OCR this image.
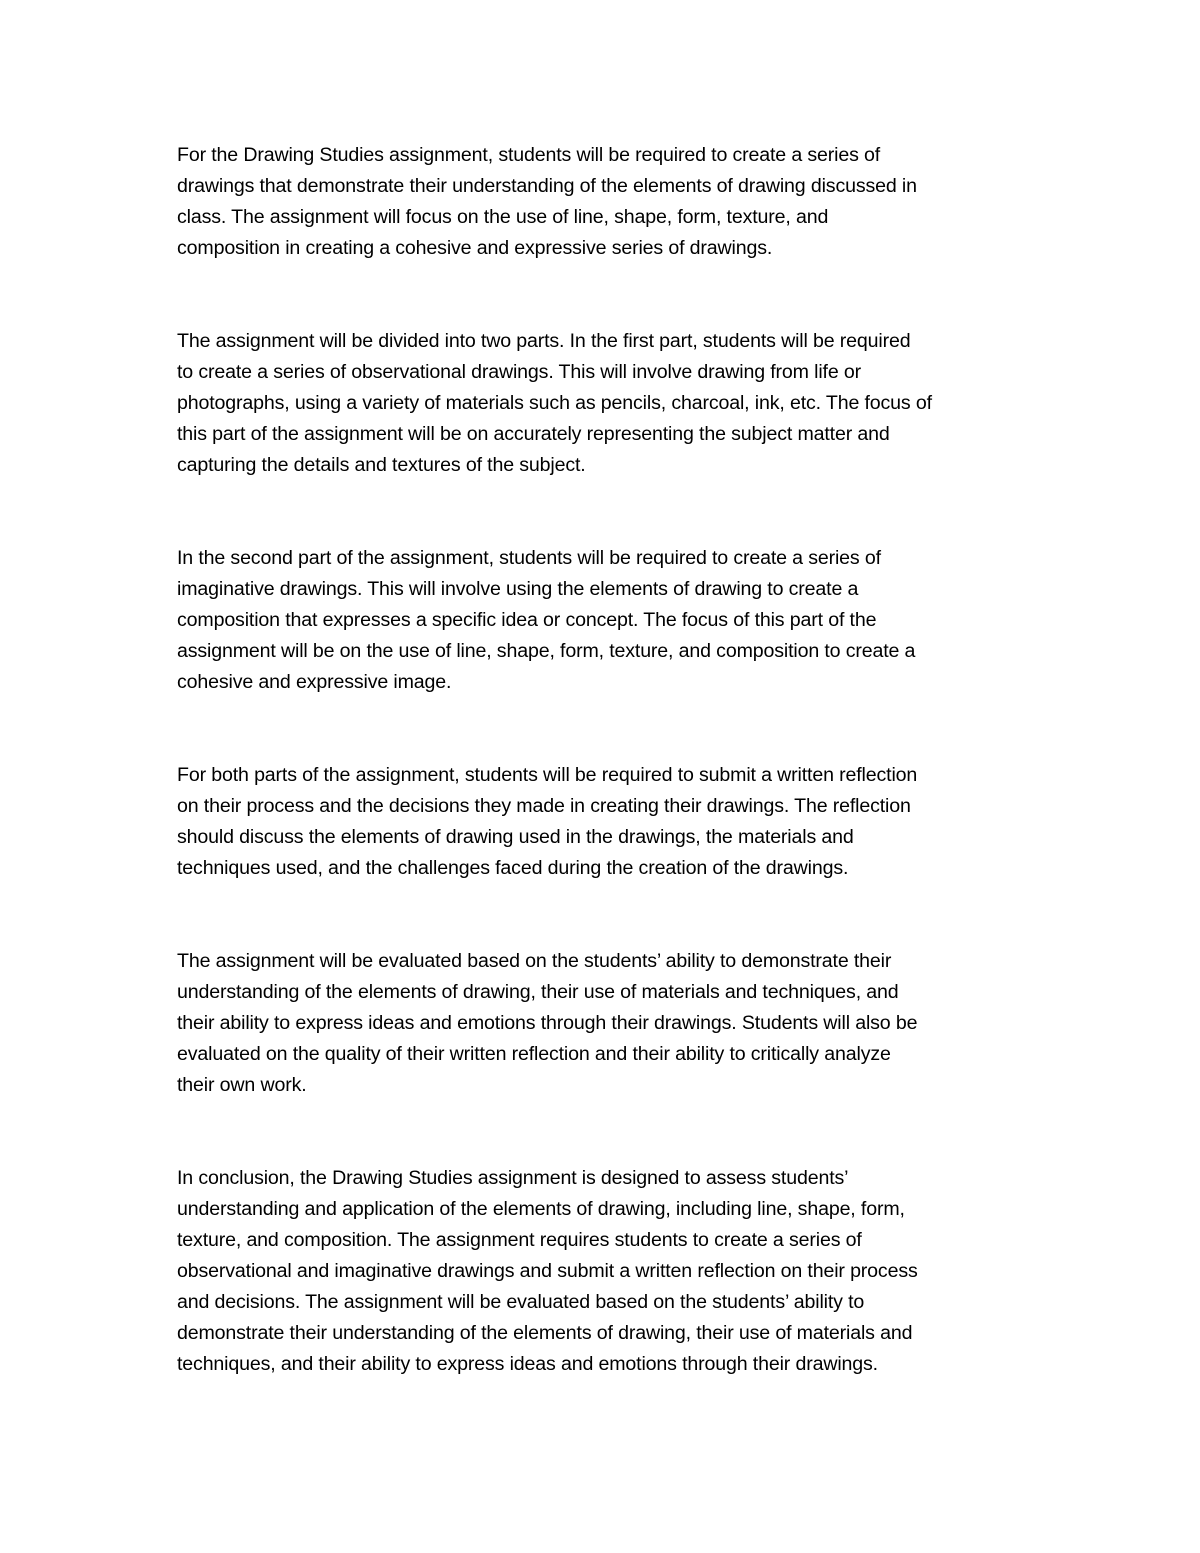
For the Drawing Studies assignment, students will be required to create a series of
drawings that demonstrate their understanding of the elements of drawing discussed in
class. The assignment will focus on the use of line, shape, form, texture, and
composition in creating a cohesive and expressive series of drawings.

The assignment will be divided into two parts. In the first part, students will be required
to create a series of observational drawings. This will involve drawing from life or
photographs, using a variety of materials such as pencils, charcoal, ink, etc. The focus of
this part of the assignment will be on accurately representing the subject matter and
capturing the details and textures of the subject.

In the second part of the assignment, students will be required to create a series of
imaginative drawings. This will involve using the elements of drawing to create a
composition that expresses a specific idea or concept. The focus of this part of the
assignment will be on the use of line, shape, form, texture, and composition to create a
cohesive and expressive image.

For both parts of the assignment, students will be required to submit a written reflection
on their process and the decisions they made in creating their drawings. The reflection
should discuss the elements of drawing used in the drawings, the materials and
techniques used, and the challenges faced during the creation of the drawings.

The assignment will be evaluated based on the students’ ability to demonstrate their
understanding of the elements of drawing, their use of materials and techniques, and
their ability to express ideas and emotions through their drawings. Students will also be
evaluated on the quality of their written reflection and their ability to critically analyze
their own work.

In conclusion, the Drawing Studies assignment is designed to assess students’
understanding and application of the elements of drawing, including line, shape, form,
texture, and composition. The assignment requires students to create a series of
observational and imaginative drawings and submit a written reflection on their process
and decisions. The assignment will be evaluated based on the students’ ability to
demonstrate their understanding of the elements of drawing, their use of materials and
techniques, and their ability to express ideas and emotions through their drawings.
